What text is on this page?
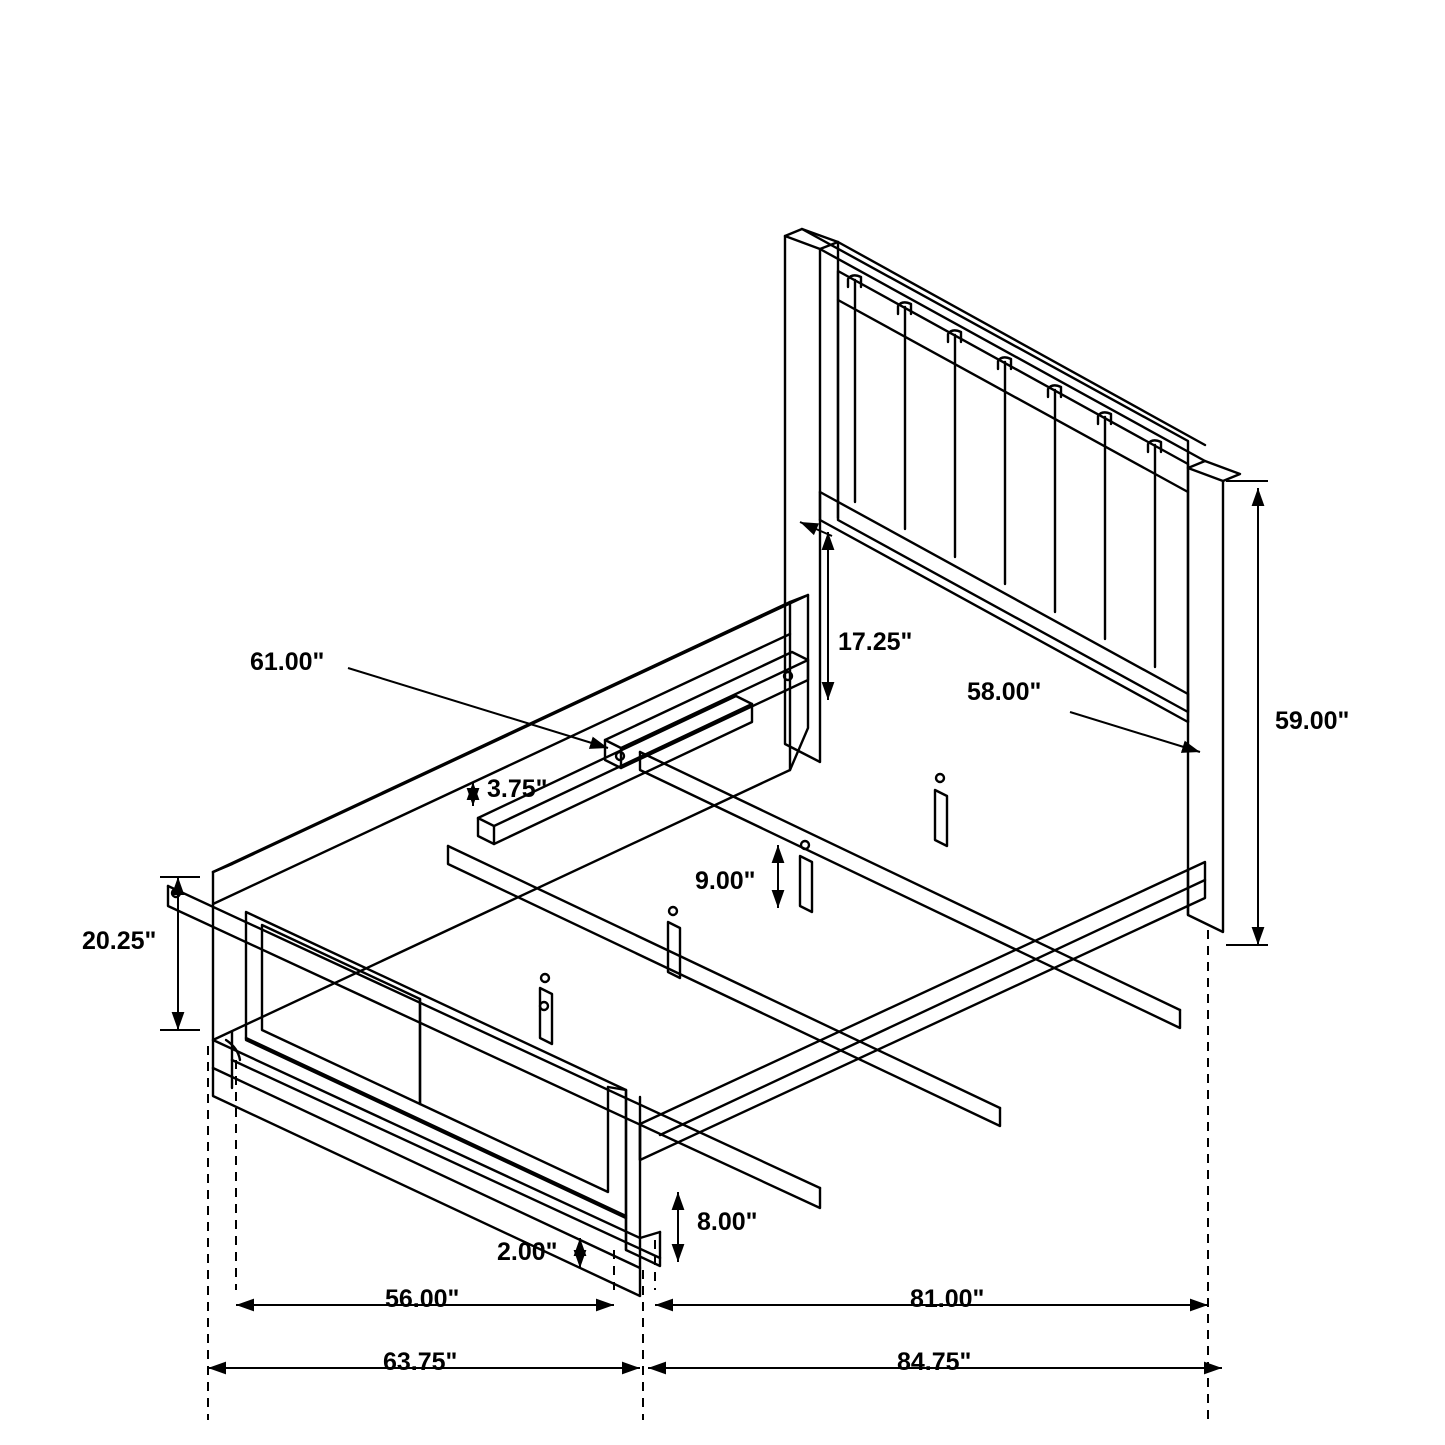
61.00"
17.25"
58.00"
59.00"
3.75"
9.00"
20.25"
8.00"
2.00"
56.00"	81.00"
63.75"	84.75"
